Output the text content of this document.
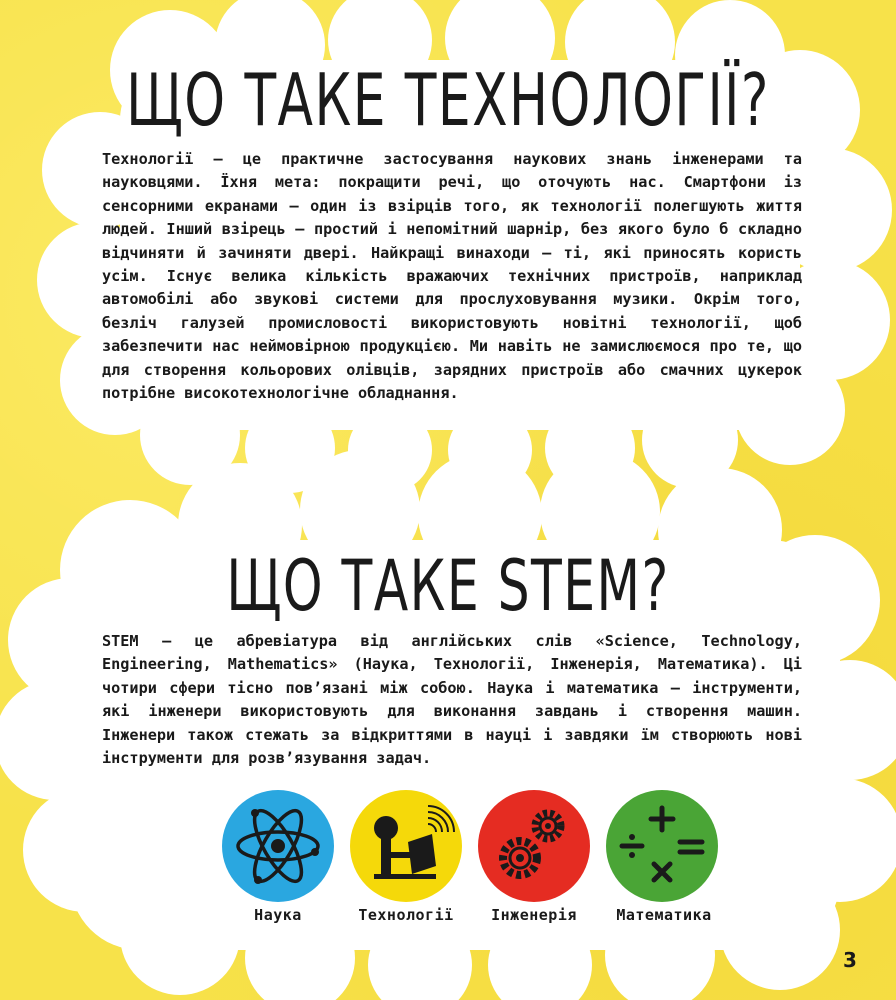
ЩО ТАКЕ ТЕХНОЛОГІЇ?

Технології – це практичне застосування наукових знань інженерами та науковцями. Їхня мета: покращити речі, що оточують нас. Смартфони із сенсорними екранами – один із взірців того, як технології полегшують життя людей. Інший взірець – простий і непомітний шарнір, без якого було б складно відчиняти й зачиняти двері. Найкращі винаходи – ті, які приносять користь усім. Існує велика кількість вражаючих технічних пристроїв, наприклад автомобілі або звукові системи для прослуховування музики. Окрім того, безліч галузей промисловості використовують новітні технології, щоб забезпечити нас неймовірною продукцією. Ми навіть не замислюємося про те, що для створення кольорових олівців, зарядних пристроїв або смачних цукерок потрібне високотехнологічне обладнання.

ЩО ТАКЕ STEM?

STEM – це абревіатура від англійських слів «Science, Technology, Engineering, Mathematics» (Наука, Технології, Інженерія, Математика). Ці чотири сфери тісно пов’язані між собою. Наука і математика – інструменти, які інженери використовують для виконання завдань і створення машин. Інженери також стежать за відкриттями в науці і завдяки їм створюють нові інструменти для розв’язування задач.

Наука	Технології	Інженерія	Математика
3
